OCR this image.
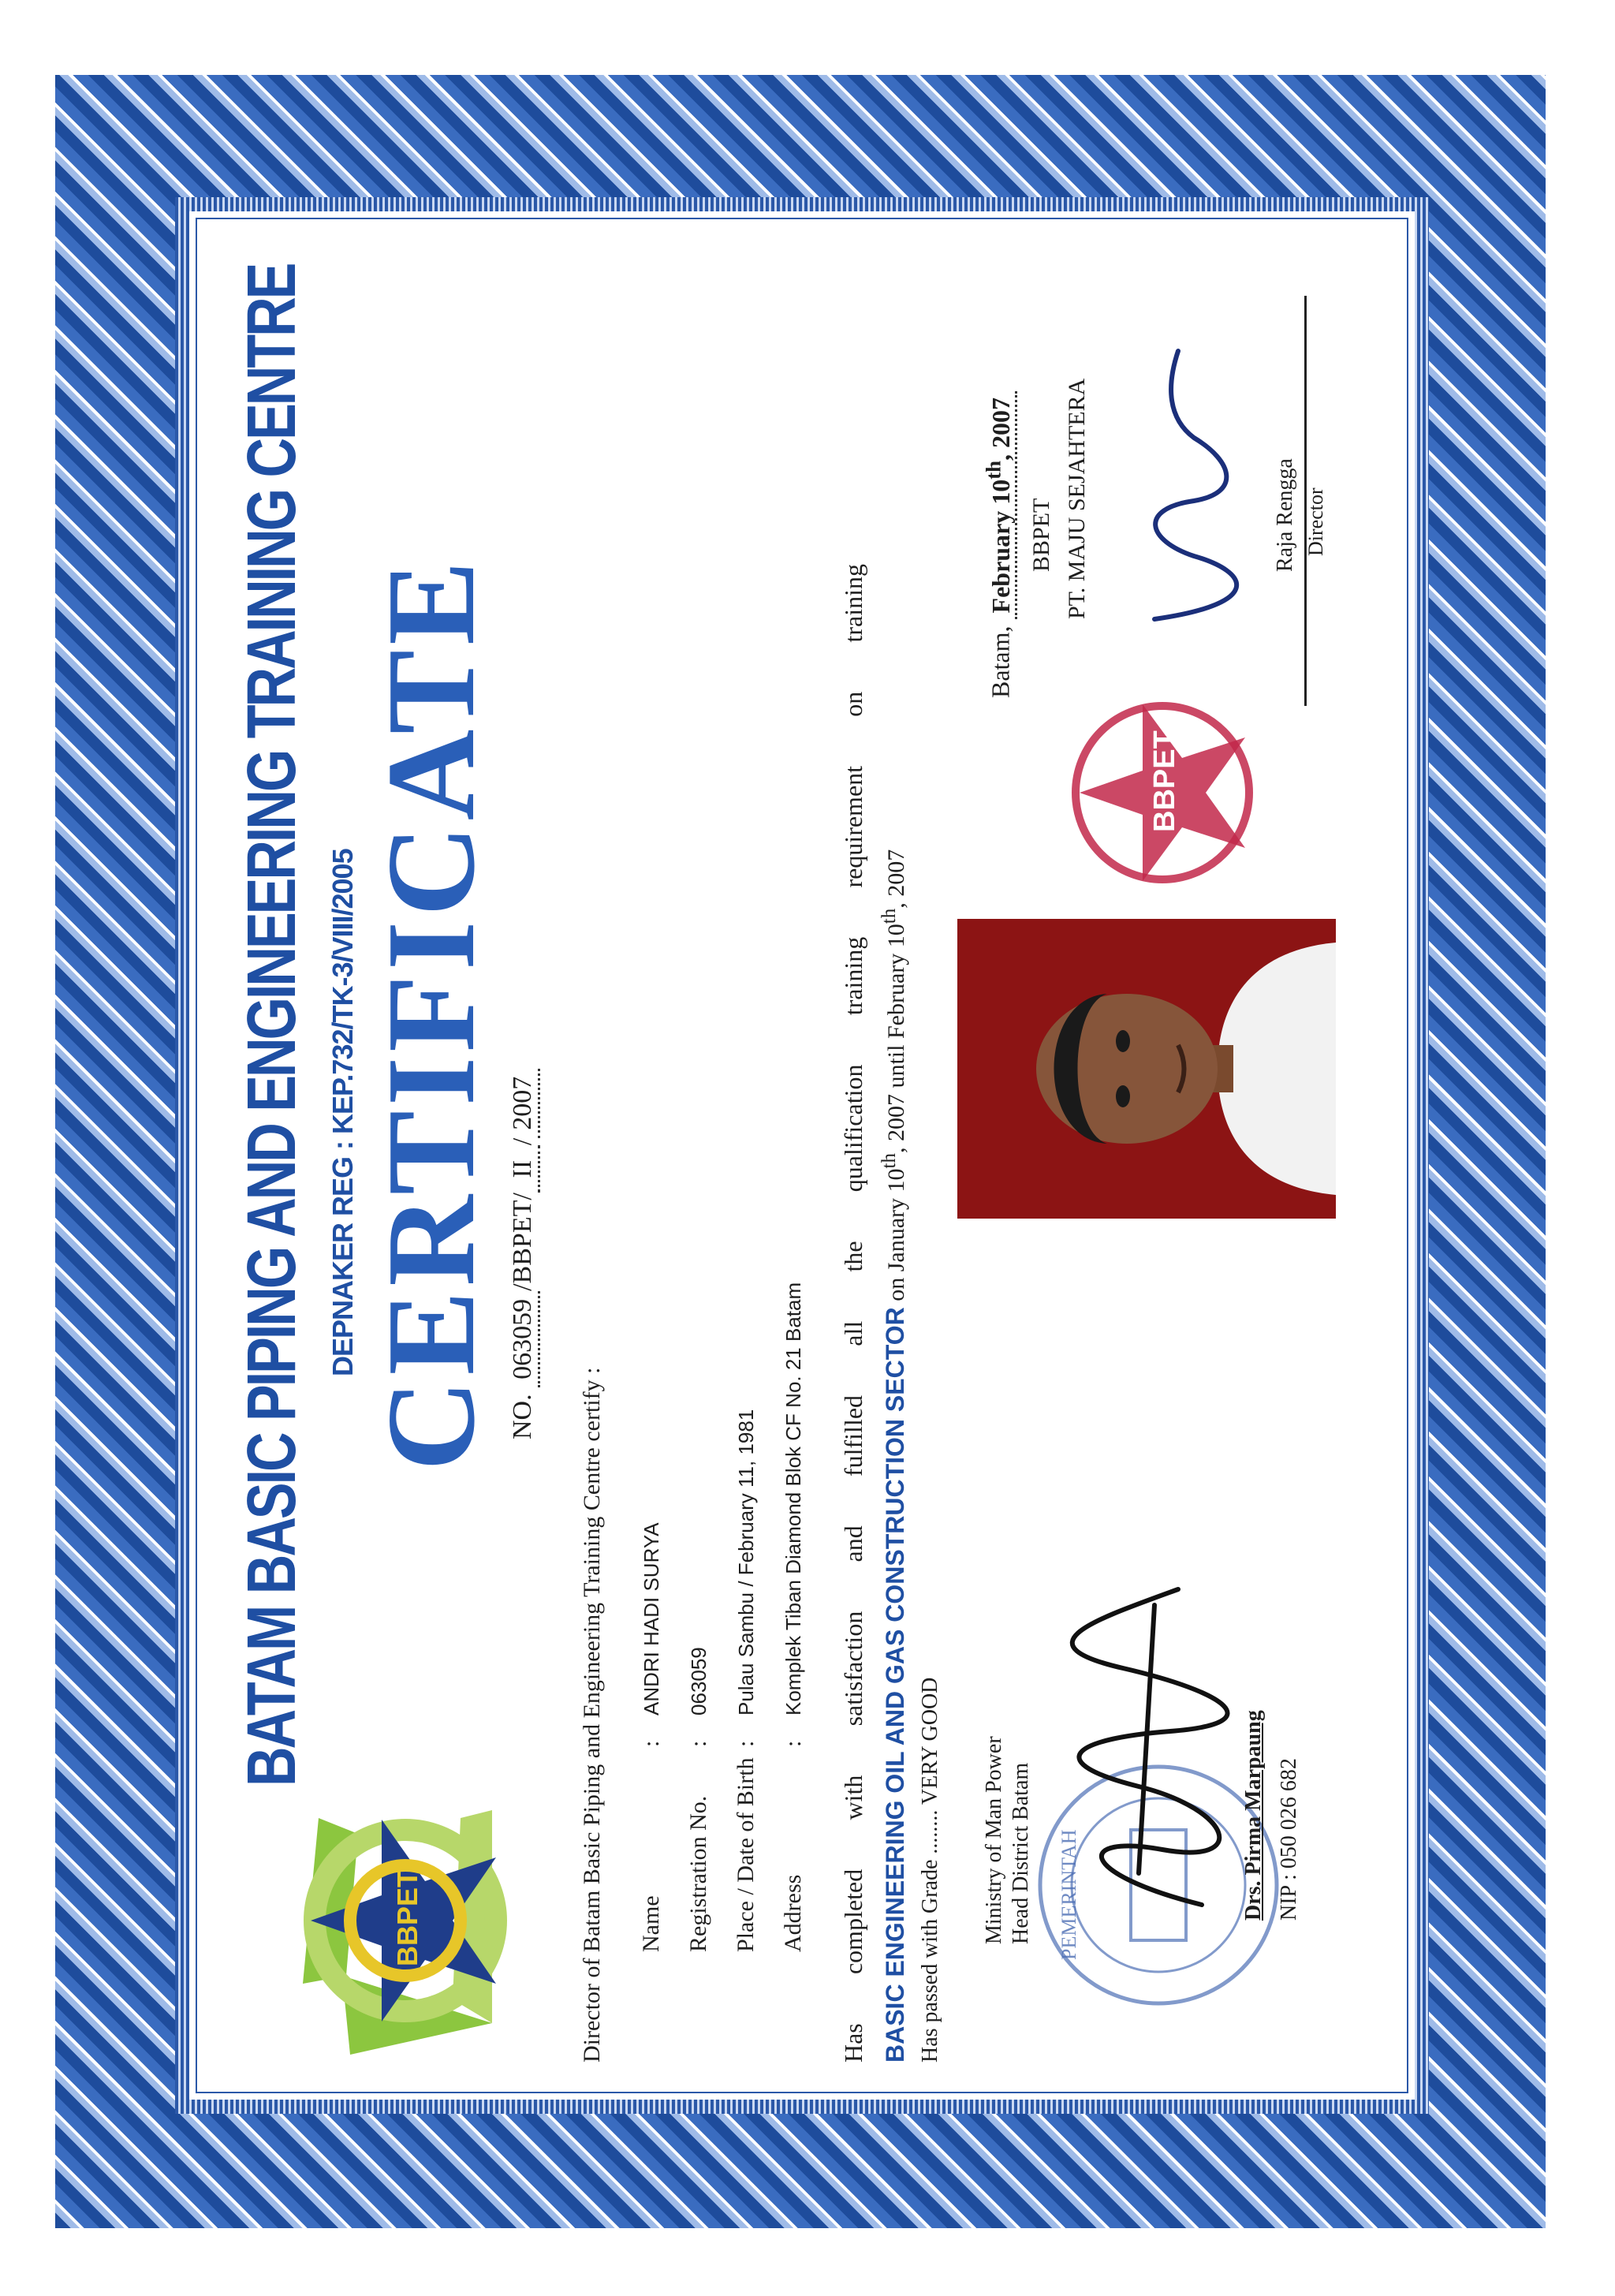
BBPET
BATAM BASIC PIPING AND ENGINEERING TRAINING CENTRE DEPNAKER REG : KEP.732/TK-3/VIII/2005 CERTIFICATE NO. 063059/BBPET/II/2007
Director of Batam Basic Piping and Engineering Training Centre certify : Name:ANDRI HADI SURYA
Registration No.:063059
Place / Date of Birth:Pulau Sambu / February 11, 1981
Address:Komplek Tiban Diamond Blok CF No. 21 Batam Has completed with satisfaction and fulfilled all the qualification training requirement on training BASIC ENGINEERING OIL AND GAS CONSTRUCTION SECTOR on January 10th, 2007 until February 10th, 2007
Has passed with Grade ........ VERY GOOD Ministry of Man Power Head District Batam PEMERINTAH	Drs. Pirma Marpaung NIP : 050 026 682
BBPET
Batam, February 10th, 2007
BBPET PT. MAJU SEJAHTERA	Raja Rengga Director
